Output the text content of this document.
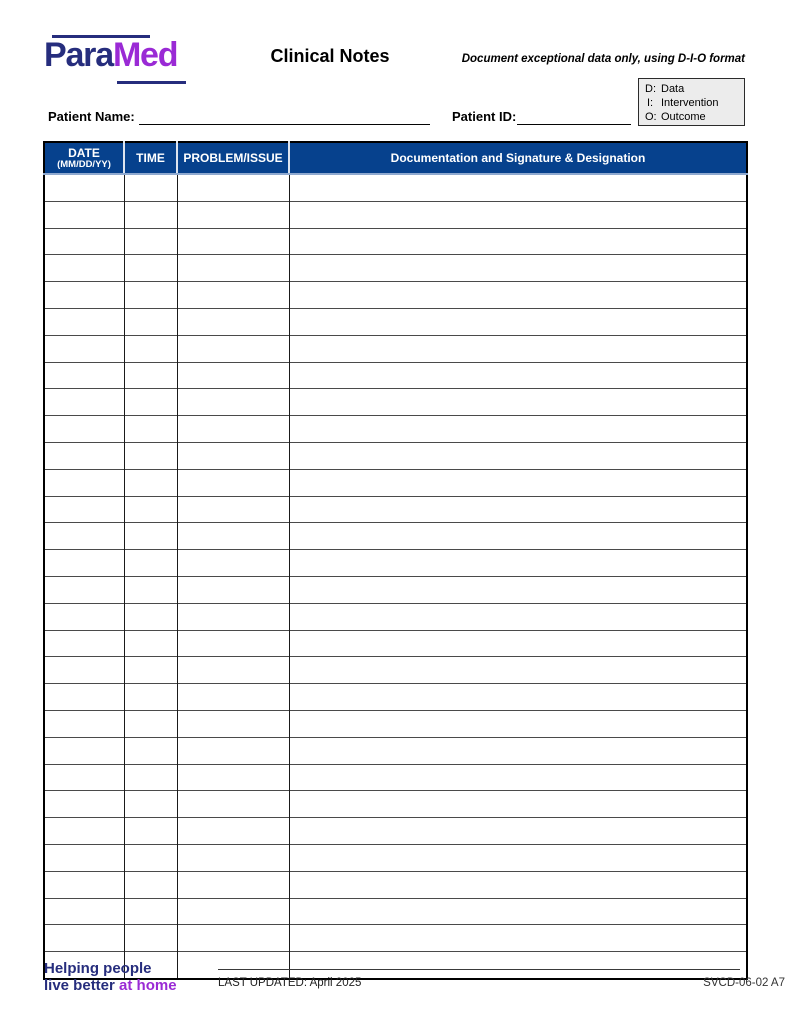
ParaMed	Clinical Notes	Document exceptional data only, using D-I-O format
D: Data
I: Intervention
O: Outcome
Patient Name:	Patient ID:
DATE
(MM/DD/YY)	TIME	PROBLEM/ISSUE	Documentation and Signature & Designation

Helping people
live better at home	LAST UPDATED: April 2025	SVCD-06-02 A7
